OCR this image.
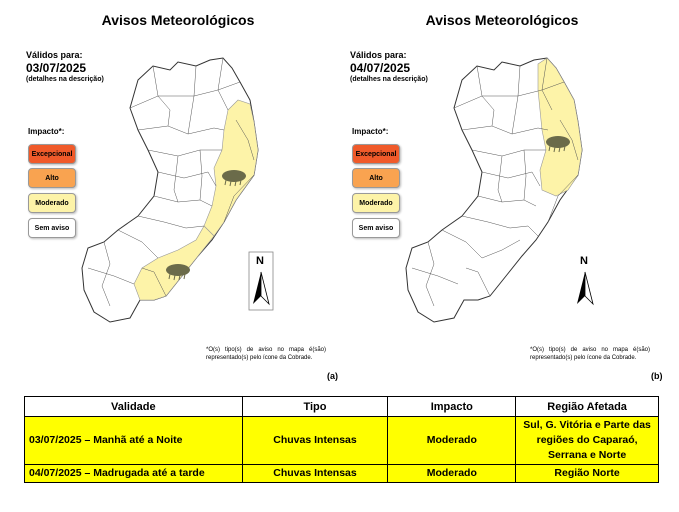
Avisos Meteorológicos
Válidos para:
03/07/2025
(detalhes na descrição)
Impacto*:
Excepcional
Alto
Moderado
Sem aviso
N
*O(s) tipo(s) de aviso no mapa é(são) representado(s) pelo ícone da Cobrade.
(a)
Avisos Meteorológicos
Válidos para:
04/07/2025
(detalhes na descrição)
Impacto*:
Excepcional
Alto
Moderado
Sem aviso
N
*O(s) tipo(s) de aviso no mapa é(são) representado(s) pelo ícone da Cobrade.
(b)
Validade	Tipo	Impacto	Região Afetada
03/07/2025 – Manhã até a Noite	Chuvas Intensas	Moderado	Sul, G. Vitória e Parte das regiões do Caparaó, Serrana e Norte
04/07/2025 – Madrugada até a tarde	Chuvas Intensas	Moderado	Região Norte
